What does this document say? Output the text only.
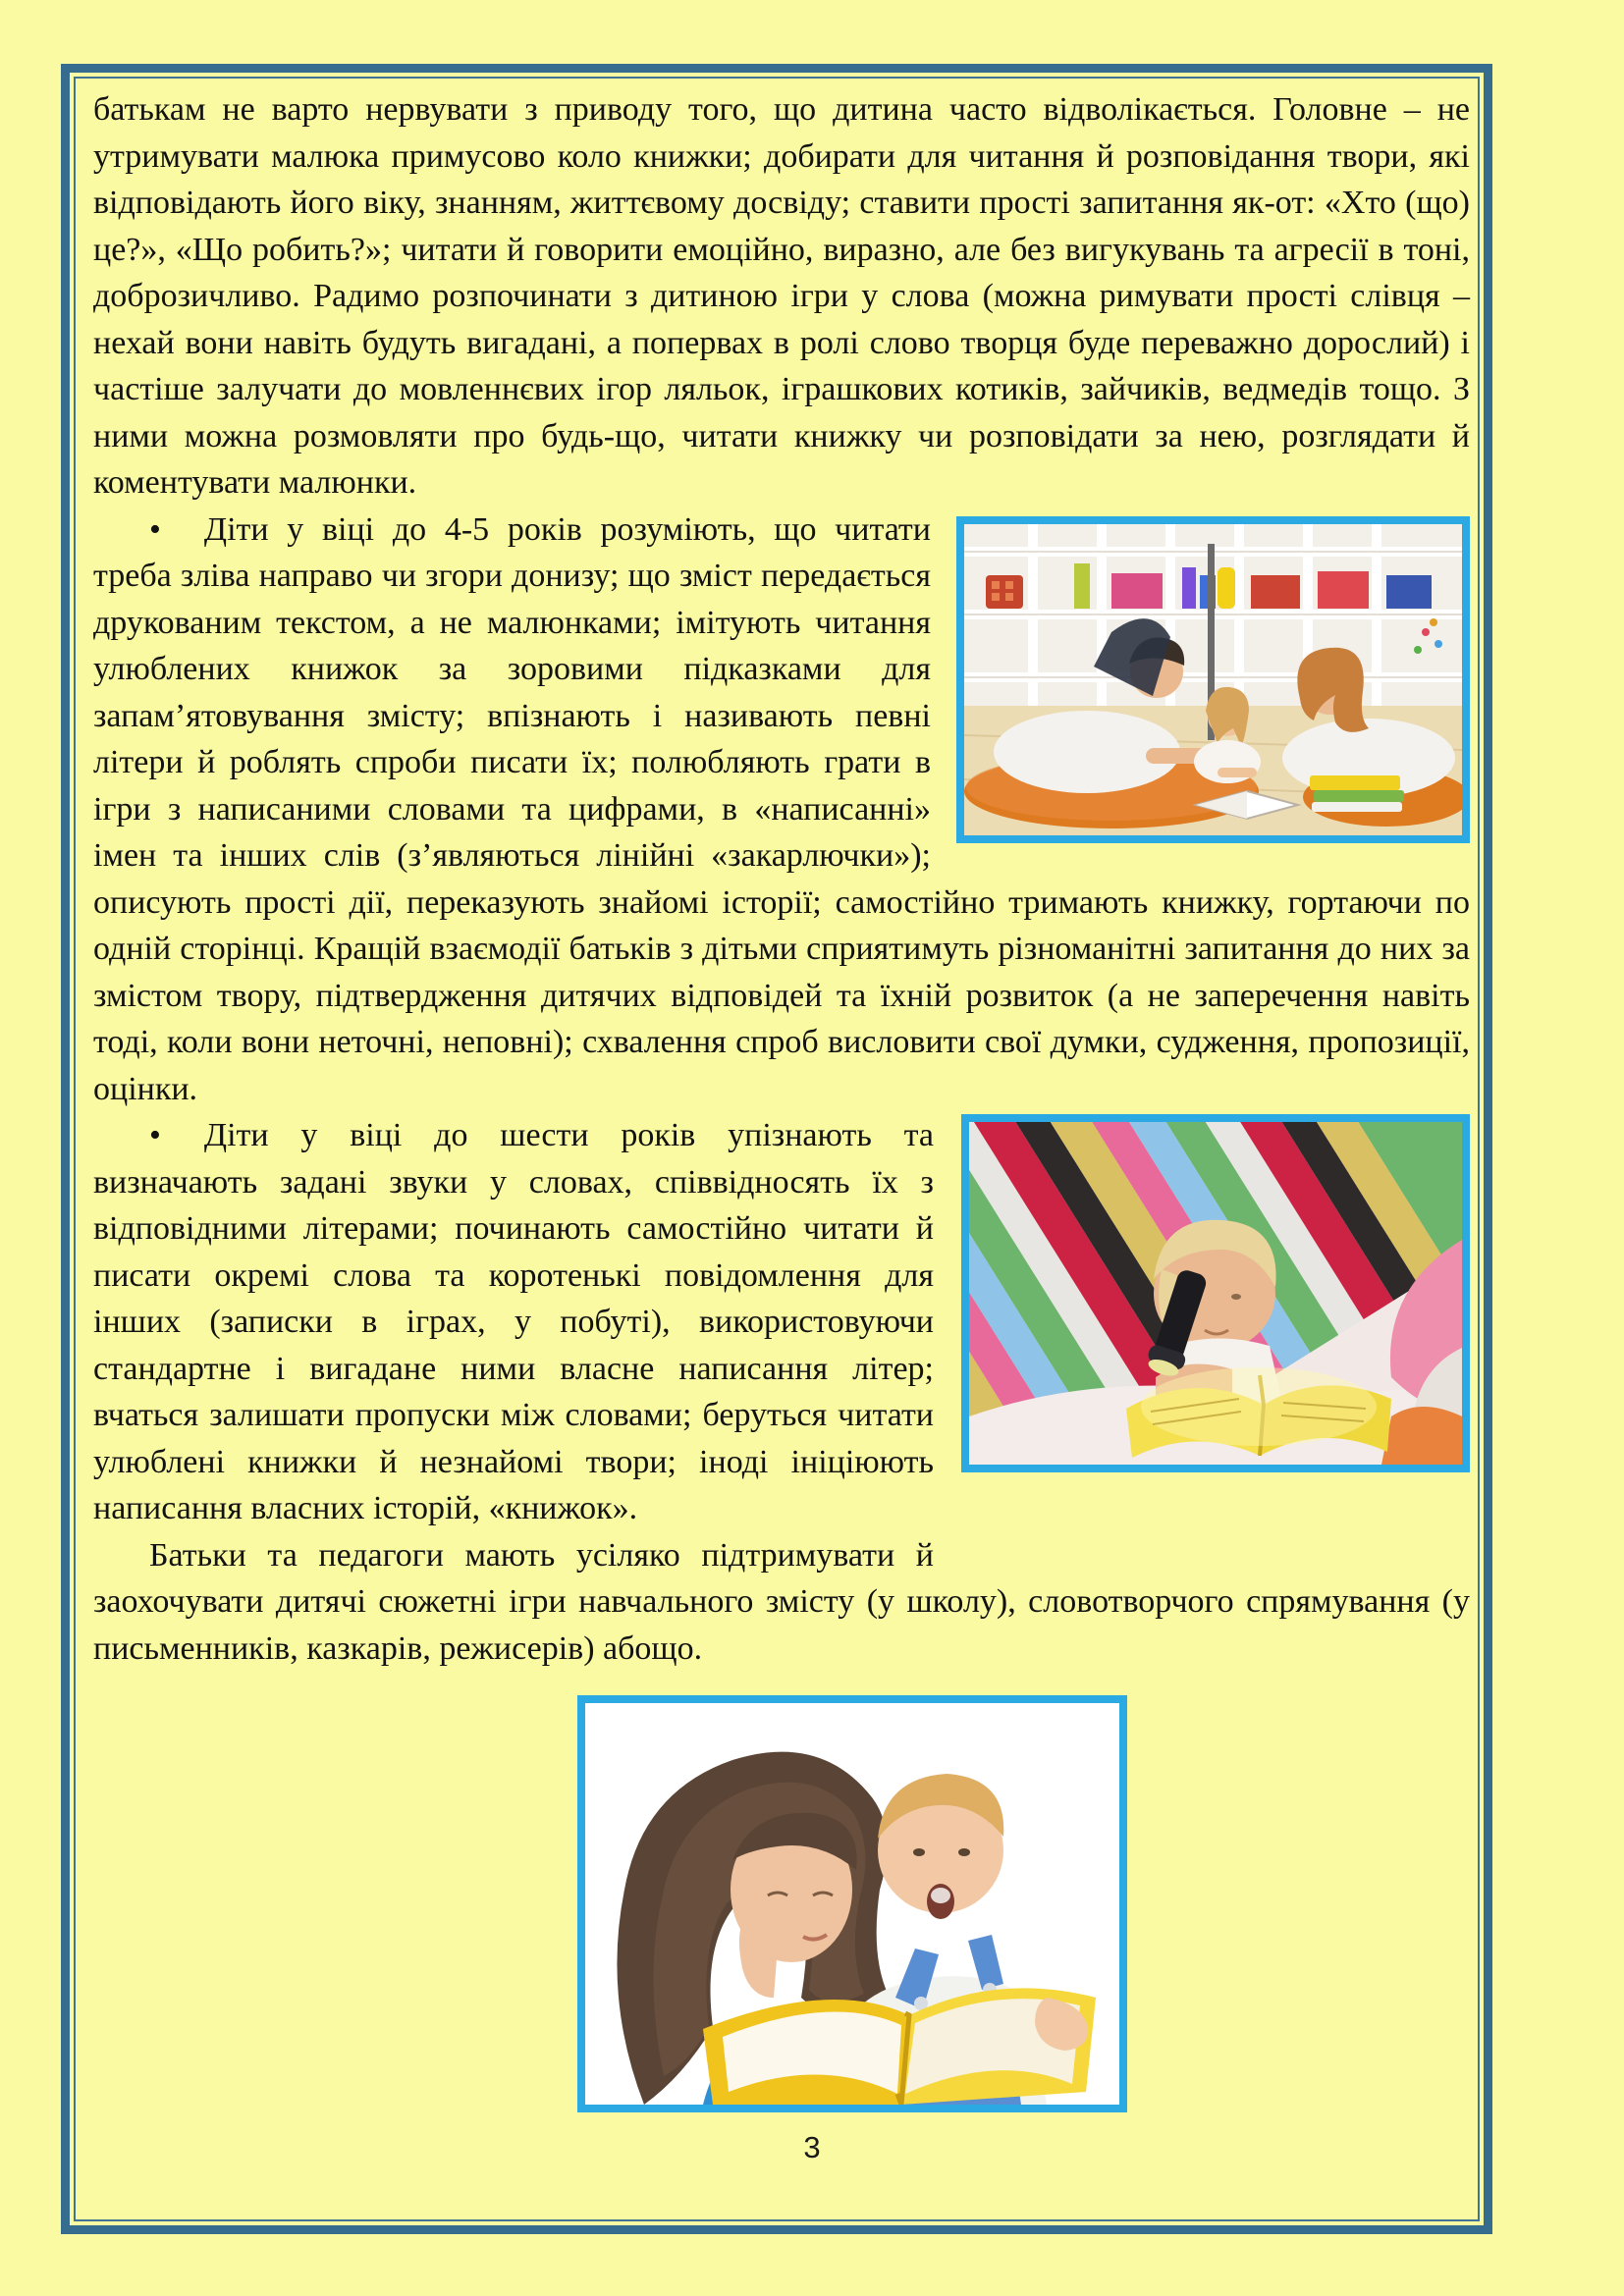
батькам не варто нервувати з приводу того, що дитина часто відволікається. Головне – не утримувати малюка примусово коло книжки; добирати для читання й розповідання твори, які відповідають його віку, знанням, життєвому досвіду; ставити прості запитання як-от: «Хто (що) це?», «Що робить?»; читати й говорити емоційно, виразно, але без вигукувань та агресії в тоні, доброзичливо. Радимо розпочинати з дитиною ігри у слова (можна римувати прості слівця – нехай вони навіть будуть вигадані, а попервах в ролі слово творця буде переважно дорослий) і частіше залучати до мовленнєвих ігор ляльок, іграшкових котиків, зайчиків, ведмедів тощо. З ними можна розмовляти про будь-що, читати книжку чи розповідати за нею, розглядати й коментувати малюнки.

• Діти у віці до 4-5 років розуміють, що читати треба зліва направо чи згори донизу; що зміст передається друкованим текстом, а не малюнками; імітують читання улюблених книжок за зоровими підказками для запам’ятовування змісту; впізнають і називають певні літери й роблять спроби писати їх; полюбляють грати в ігри з написаними словами та цифрами, в «написанні» імен та інших слів (з’являються лінійні «закарлючки»); описують прості дії, переказують знайомі історії; самостійно тримають книжку, гортаючи по одній сторінці. Кращій взаємодії батьків з дітьми сприятимуть різноманітні запитання до них за змістом твору, підтвердження дитячих відповідей та їхній розвиток (а не заперечення навіть тоді, коли вони неточні, неповні); схвалення спроб висловити свої думки, судження, пропозиції, оцінки.

• Діти у віці до шести років упізнають та визначають задані звуки у словах, співвідносять їх з відповідними літерами; починають самостійно читати й писати окремі слова та коротенькі повідомлення для інших (записки в іграх, у побуті), використовуючи стандартне і вигадане ними власне написання літер; вчаться залишати пропуски між словами; беруться читати улюблені книжки й незнайомі твори; іноді ініціюють написання власних історій, «книжок».

Батьки та педагоги мають усіляко підтримувати й заохочувати дитячі сюжетні ігри навчального змісту (у школу), словотворчого спрямування (у письменників, казкарів, режисерів) абощо.

3
